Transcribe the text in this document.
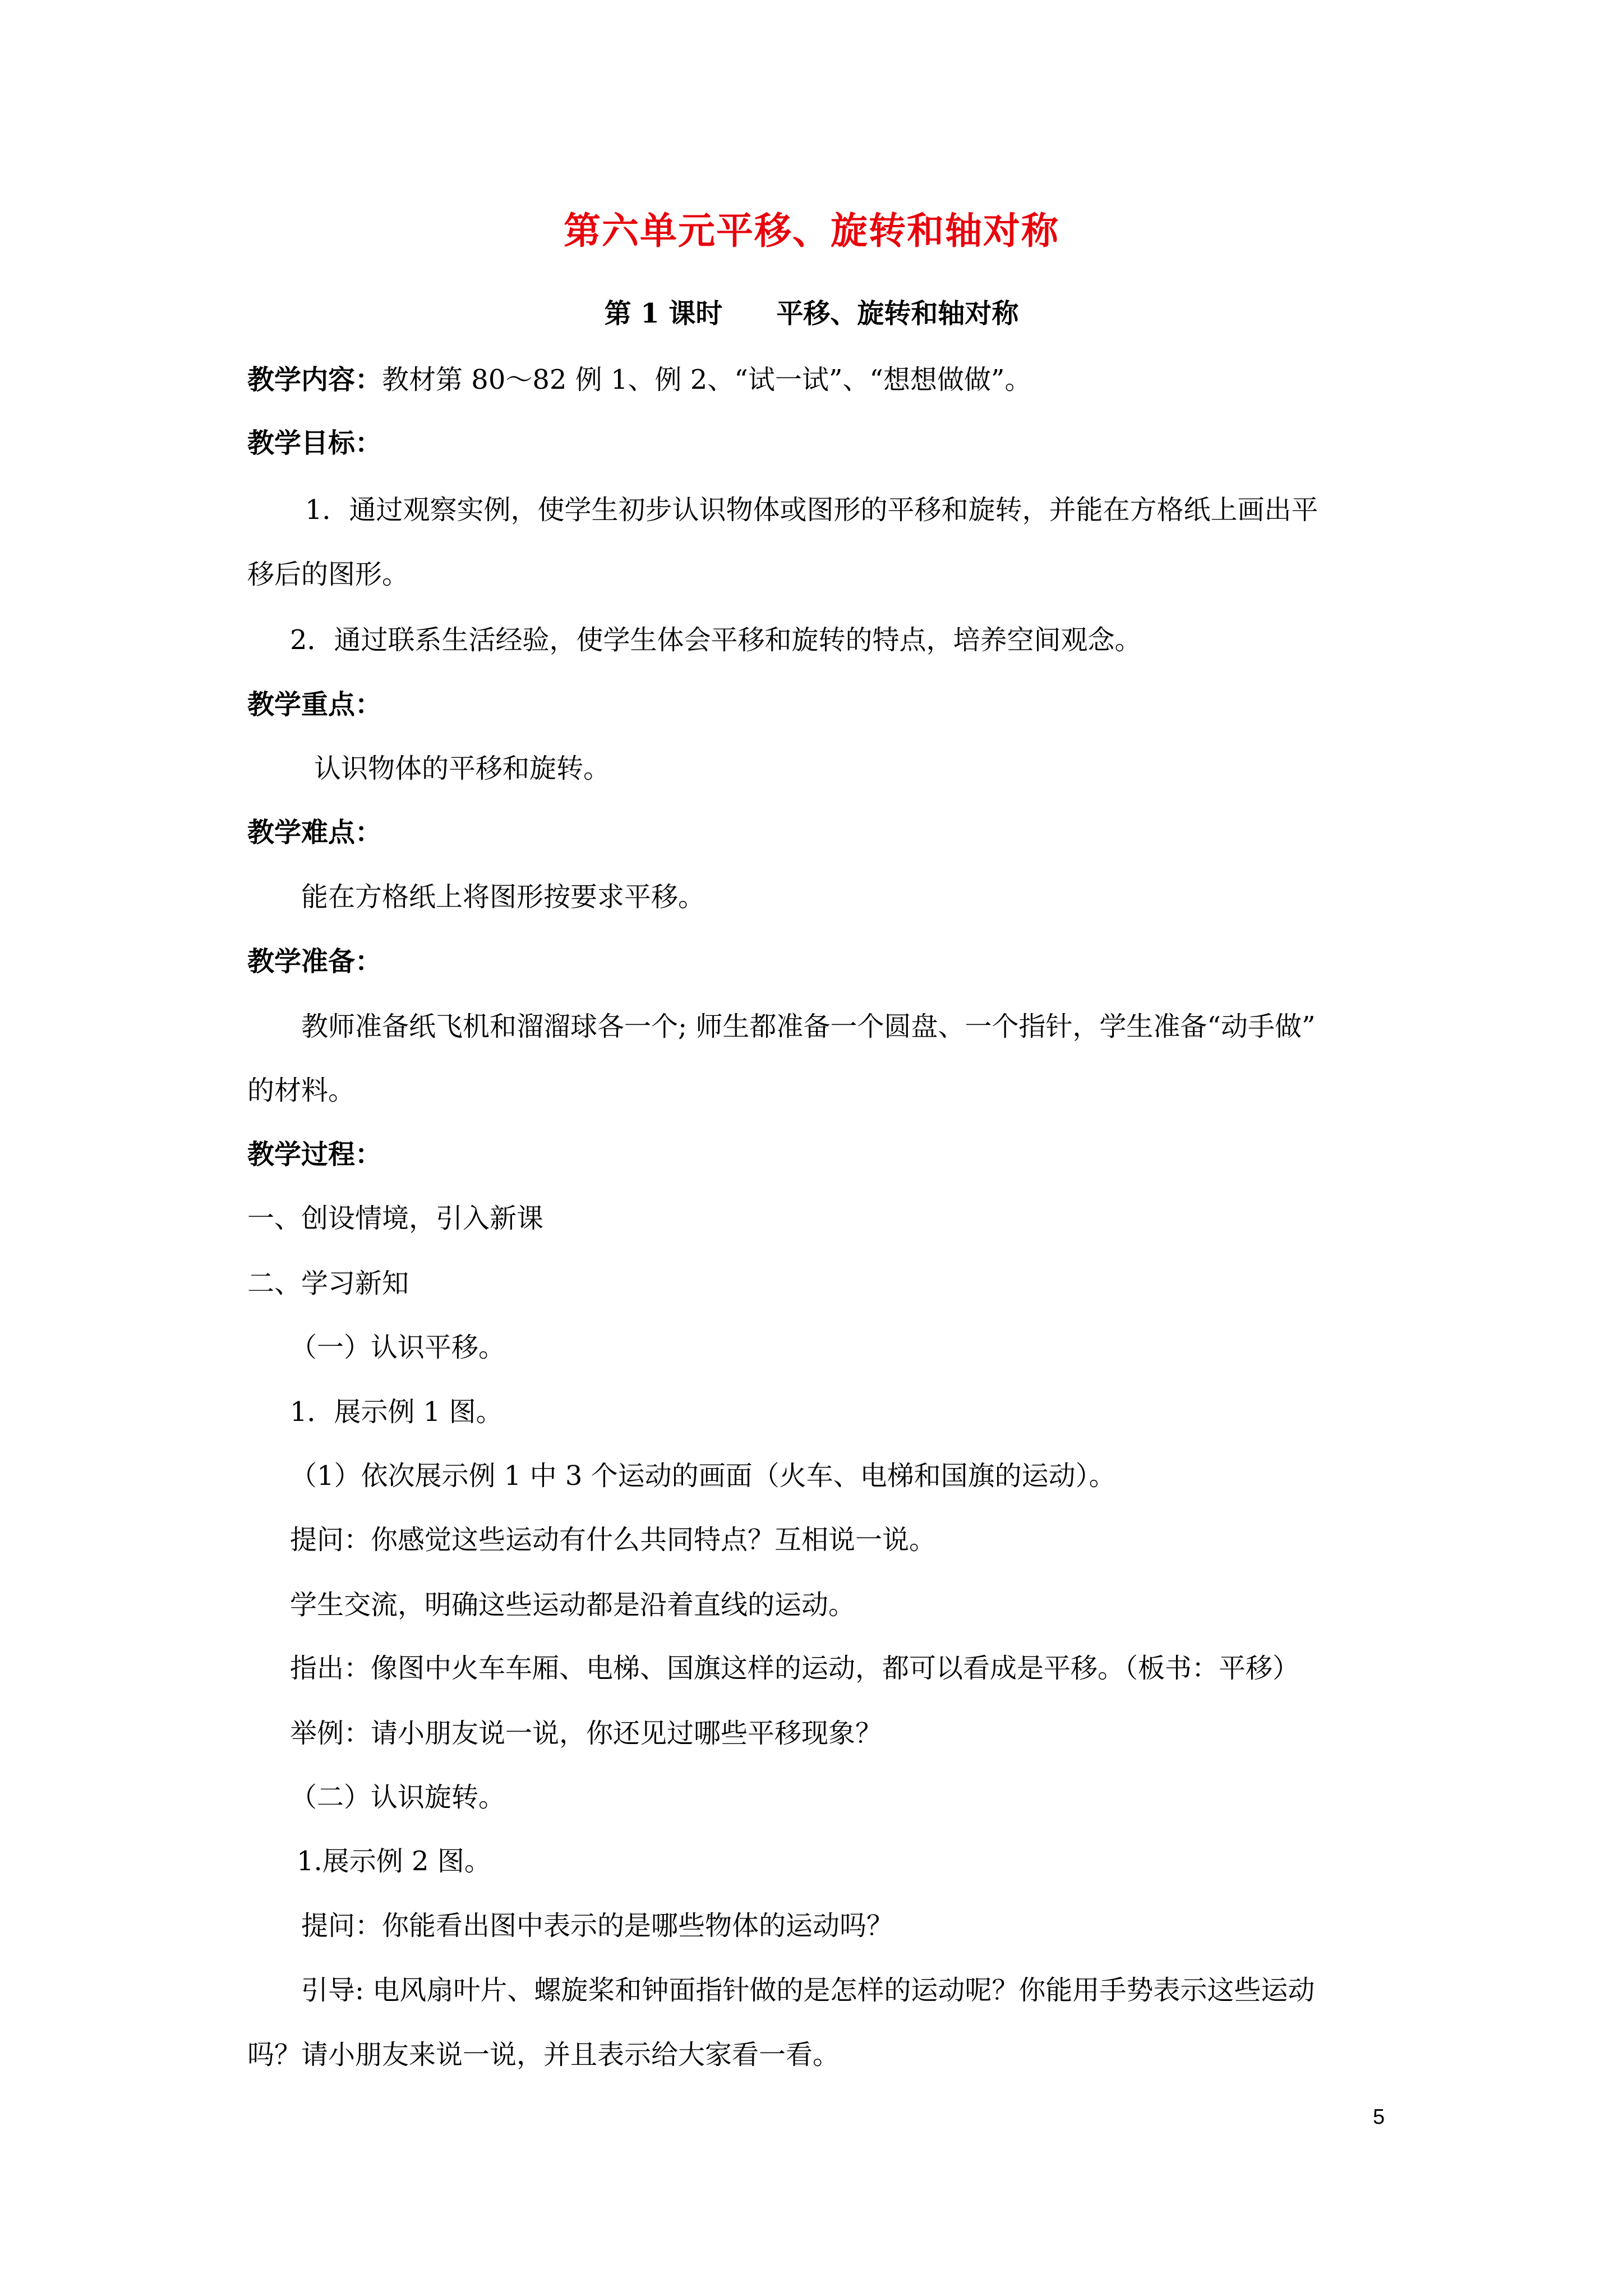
第六单元平移、旋转和轴对称
第 1 课时　　平移、旋转和轴对称
教学内容：教材第 80～82 例 1、例 2、“试一试”、“想想做做”。
教学目标：
1．通过观察实例，使学生初步认识物体或图形的平移和旋转，并能在方格纸上画出平
移后的图形。
2．通过联系生活经验，使学生体会平移和旋转的特点，培养空间观念。
教学重点：
认识物体的平移和旋转。
教学难点：
能在方格纸上将图形按要求平移。
教学准备：
教师准备纸飞机和溜溜球各一个; 师生都准备一个圆盘、一个指针，学生准备“动手做”
的材料。
教学过程：
一、创设情境，引入新课
二、学习新知
（一）认识平移。
1．展示例 1 图。
（1）依次展示例 1 中 3 个运动的画面（火车、电梯和国旗的运动）。
提问：你感觉这些运动有什么共同特点？互相说一说。
学生交流，明确这些运动都是沿着直线的运动。
指出：像图中火车车厢、电梯、国旗这样的运动，都可以看成是平移。（板书：平移）
举例：请小朋友说一说，你还见过哪些平移现象？
（二）认识旋转。
1.展示例 2 图。
提问：你能看出图中表示的是哪些物体的运动吗？
引导: 电风扇叶片、螺旋桨和钟面指针做的是怎样的运动呢？你能用手势表示这些运动
吗？请小朋友来说一说，并且表示给大家看一看。
5
